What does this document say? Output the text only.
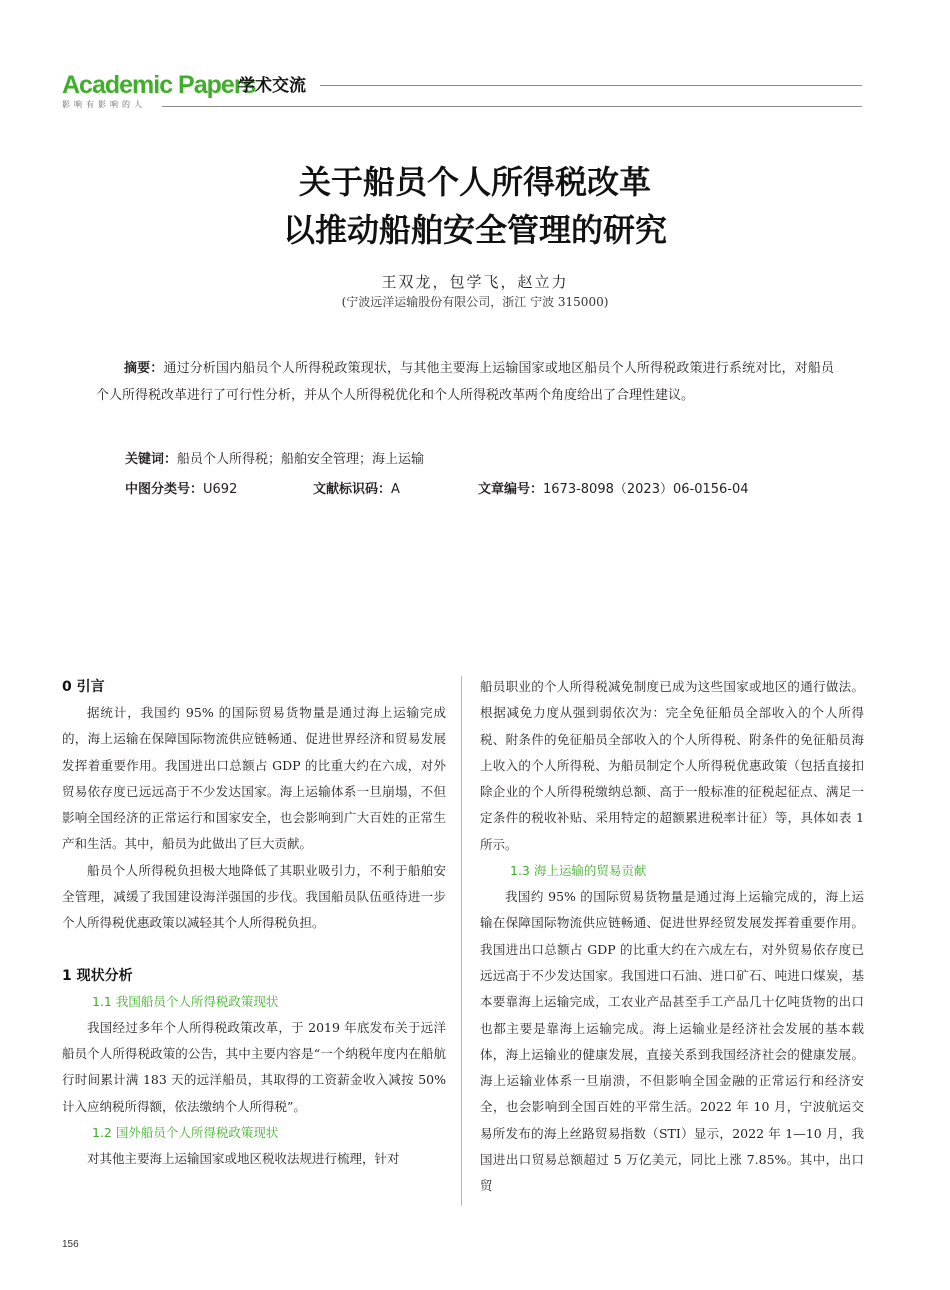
Academic Papers
学术交流
影响有影响的人
关于船员个人所得税改革
以推动船舶安全管理的研究
王双龙，包学飞，赵立力
(宁波远洋运输股份有限公司，浙江 宁波 315000)
摘要：通过分析国内船员个人所得税政策现状，与其他主要海上运输国家或地区船员个人所得税政策进行系统对比，对船员个人所得税改革进行了可行性分析，并从个人所得税优化和个人所得税改革两个角度给出了合理性建议。
关键词：船员个人所得税；船舶安全管理；海上运输
中图分类号：U692	文献标识码：A	文章编号：1673-8098（2023）06-0156-04

0 引言

据统计，我国约 95% 的国际贸易货物量是通过海上运输完成的，海上运输在保障国际物流供应链畅通、促进世界经济和贸易发展发挥着重要作用。我国进出口总额占 GDP 的比重大约在六成，对外贸易依存度已远远高于不少发达国家。海上运输体系一旦崩塌，不但影响全国经济的正常运行和国家安全，也会影响到广大百姓的正常生产和生活。其中，船员为此做出了巨大贡献。

船员个人所得税负担极大地降低了其职业吸引力，不利于船舶安全管理，减缓了我国建设海洋强国的步伐。我国船员队伍亟待进一步个人所得税优惠政策以减轻其个人所得税负担。

1 现状分析

1.1 我国船员个人所得税政策现状

我国经过多年个人所得税政策改革，于 2019 年底发布关于远洋船员个人所得税政策的公告，其中主要内容是“一个纳税年度内在船航行时间累计满 183 天的远洋船员，其取得的工资薪金收入减按 50% 计入应纳税所得额，依法缴纳个人所得税”。

1.2 国外船员个人所得税政策现状

对其他主要海上运输国家或地区税收法规进行梳理，针对

船员职业的个人所得税减免制度已成为这些国家或地区的通行做法。根据减免力度从强到弱依次为：完全免征船员全部收入的个人所得税、附条件的免征船员全部收入的个人所得税、附条件的免征船员海上收入的个人所得税、为船员制定个人所得税优惠政策（包括直接扣除企业的个人所得税缴纳总额、高于一般标准的征税起征点、满足一定条件的税收补贴、采用特定的超额累进税率计征）等，具体如表 1 所示。

1.3 海上运输的贸易贡献

我国约 95% 的国际贸易货物量是通过海上运输完成的，海上运输在保障国际物流供应链畅通、促进世界经贸发展发挥着重要作用。我国进出口总额占 GDP 的比重大约在六成左右，对外贸易依存度已远远高于不少发达国家。我国进口石油、进口矿石、吨进口煤炭，基本要靠海上运输完成，工农业产品甚至手工产品几十亿吨货物的出口也都主要是靠海上运输完成。海上运输业是经济社会发展的基本载体，海上运输业的健康发展，直接关系到我国经济社会的健康发展。海上运输业体系一旦崩溃，不但影响全国金融的正常运行和经济安全，也会影响到全国百姓的平常生活。2022 年 10 月，宁波航运交易所发布的海上丝路贸易指数（STI）显示，2022 年 1—10 月，我国进出口贸易总额超过 5 万亿美元，同比上涨 7.85%。其中，出口贸

156
